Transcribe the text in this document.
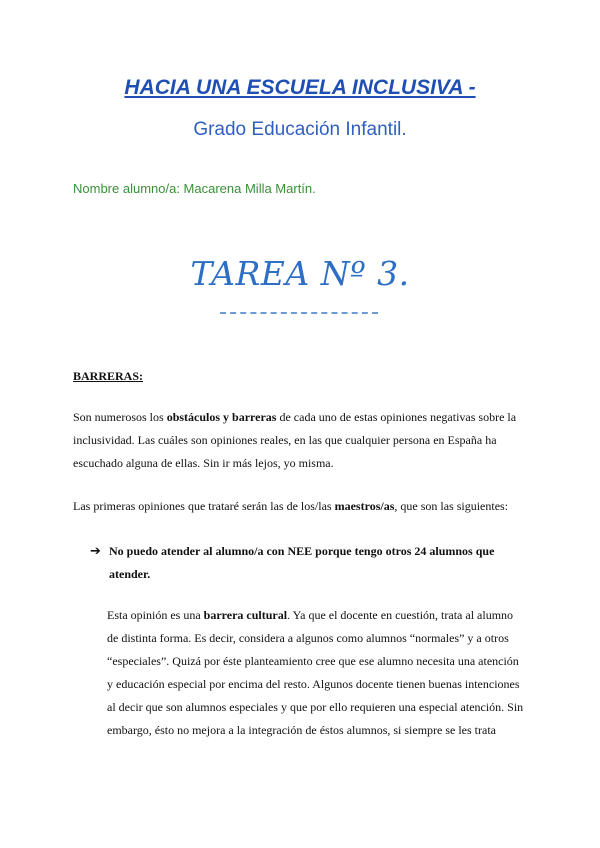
HACIA UNA ESCUELA INCLUSIVA -
Grado Educación Infantil.
Nombre alumno/a: Macarena Milla Martín.
TAREA Nº 3.
BARRERAS:
Son numerosos los obstáculos y barreras de cada uno de estas opiniones negativas sobre la inclusividad. Las cuáles son opiniones reales, en las que cualquier persona en España ha escuchado alguna de ellas. Sin ir más lejos, yo misma.
Las primeras opiniones que trataré serán las de los/las maestros/as, que son las siguientes:
➔ No puedo atender al alumno/a con NEE porque tengo otros 24 alumnos que atender.
Esta opinión es una barrera cultural. Ya que el docente en cuestión, trata al alumno de distinta forma. Es decir, considera a algunos como alumnos “normales” y a otros “especiales”. Quizá por éste planteamiento cree que ese alumno necesita una atención y educación especial por encima del resto. Algunos docente tienen buenas intenciones al decir que son alumnos especiales y que por ello requieren una especial atención. Sin embargo, ésto no mejora a la integración de éstos alumnos, si siempre se les trata
